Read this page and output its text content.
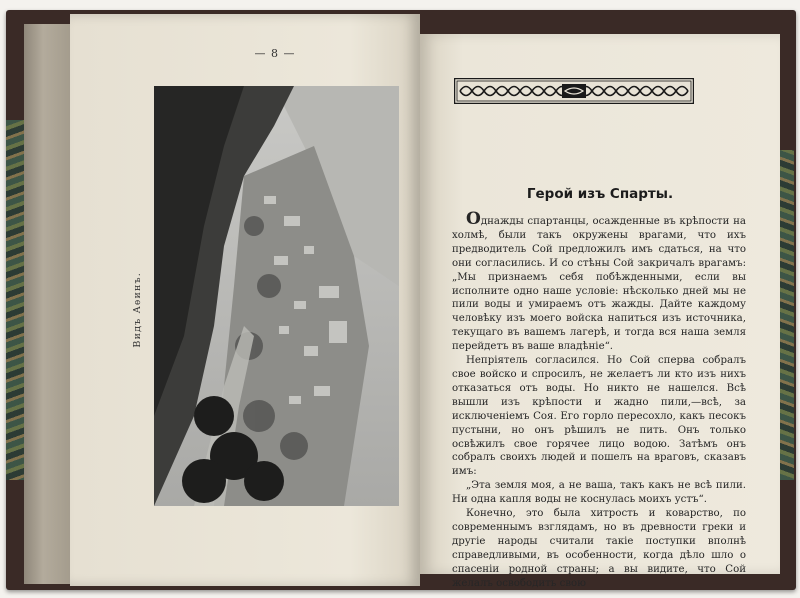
— 8 —
Видъ Аѳинъ.
Герой изъ Спарты.

Однажды спартанцы, осажденные въ крѣпости на холмѣ, были такъ окружены врагами, что ихъ предводитель Сой предложилъ имъ сдаться, на что они согласились. И со стѣны Сой закричалъ врагамъ: „Мы признаемъ себя побѣжденными, если вы исполните одно наше условіе: нѣсколько дней мы не пили воды и умираемъ отъ жажды. Дайте каждому человѣку изъ моего войска напиться изъ источника, текущаго въ вашемъ лагерѣ, и тогда вся наша земля перейдетъ въ ваше владѣніе“.

Непріятель согласился. Но Сой сперва собралъ свое войско и спросилъ, не желаетъ ли кто изъ нихъ отказаться отъ воды. Но никто не нашелся. Всѣ вышли изъ крѣпости и жадно пили,—всѣ, за исключеніемъ Соя. Его горло пересохло, какъ песокъ пустыни, но онъ рѣшилъ не пить. Онъ только освѣжилъ свое горячее лицо водою. Затѣмъ онъ собралъ своихъ людей и пошелъ на враговъ, сказавъ имъ:

„Эта земля моя, а не ваша, такъ какъ не всѣ пили. Ни одна капля воды не коснулась моихъ устъ“.

Конечно, это была хитрость и коварство, по современнымъ взглядамъ, но въ древности греки и другіе народы считали такіе поступки вполнѣ справедливыми, въ особенности, когда дѣло шло о спасеніи родной страны; а вы видите, что Сой желалъ освободить свою
